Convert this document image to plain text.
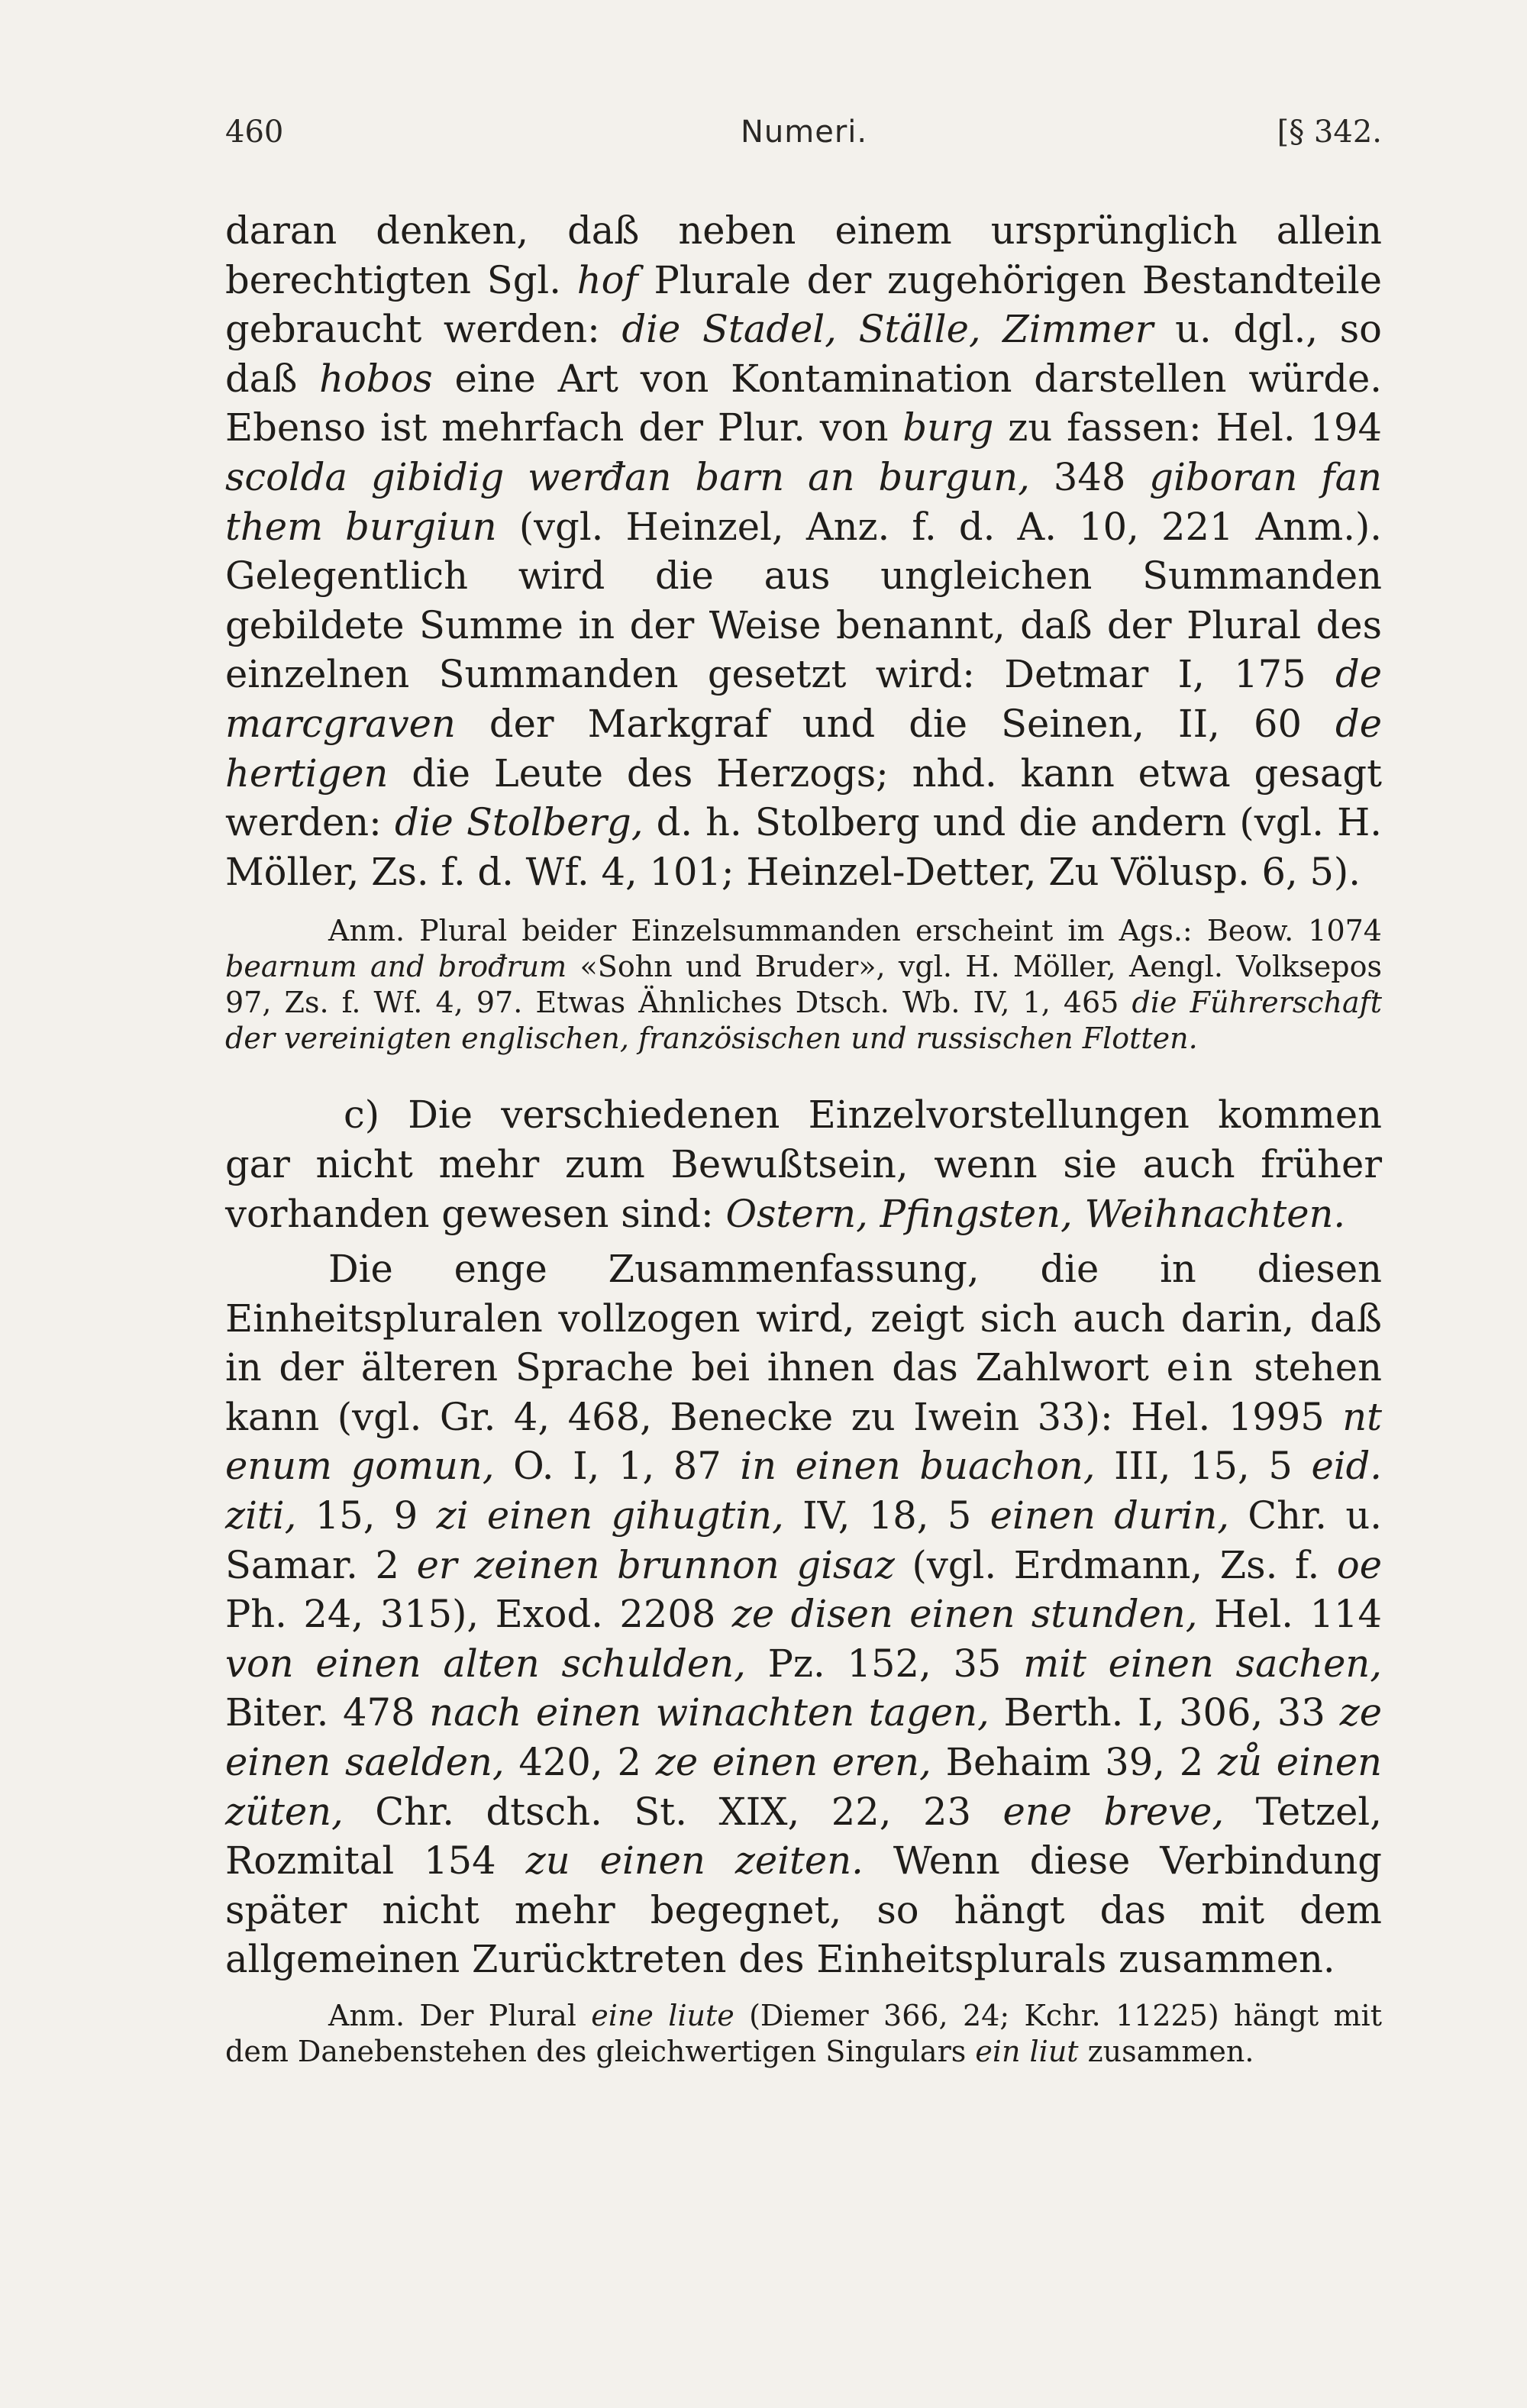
460	Numeri.	[§ 342.

daran denken, daß neben einem ursprünglich allein berechtigten Sgl. hof Plurale der zugehörigen Bestandteile gebraucht werden: die Stadel, Ställe, Zimmer u. dgl., so daß hobos eine Art von Kontamination darstellen würde. Ebenso ist mehrfach der Plur. von burg zu fassen: Hel. 194 scolda gibidig werđan barn an burgun, 348 giboran fan them burgiun (vgl. Heinzel, Anz. f. d. A. 10, 221 Anm.). Gelegentlich wird die aus ungleichen Summanden gebildete Summe in der Weise benannt, daß der Plural des einzelnen Summanden gesetzt wird: Detmar I, 175 de marcgraven der Markgraf und die Seinen, II, 60 de hertigen die Leute des Herzogs; nhd. kann etwa gesagt werden: die Stolberg, d. h. Stolberg und die andern (vgl. H. Möller, Zs. f. d. Wf. 4, 101; Heinzel-Detter, Zu Völusp. 6, 5).

Anm. Plural beider Einzelsummanden erscheint im Ags.: Beow. 1074 bearnum and brođrum «Sohn und Bruder», vgl. H. Möller, Aengl. Volksepos 97, Zs. f. Wf. 4, 97. Etwas Ähnliches Dtsch. Wb. IV, 1, 465 die Führerschaft der vereinigten englischen, französischen und russischen Flotten.

c) Die verschiedenen Einzelvorstellungen kommen gar nicht mehr zum Bewußtsein, wenn sie auch früher vorhanden gewesen sind: Ostern, Pfingsten, Weihnachten.

Die enge Zusammenfassung, die in diesen Einheitspluralen vollzogen wird, zeigt sich auch darin, daß in der älteren Sprache bei ihnen das Zahlwort ein stehen kann (vgl. Gr. 4, 468, Benecke zu Iwein 33): Hel. 1995 nt enum gomun, O. I, 1, 87 in einen buachon, III, 15, 5 eid. ziti, 15, 9 zi einen gihugtin, IV, 18, 5 einen durin, Chr. u. Samar. 2 er zeinen brunnon gisaz (vgl. Erdmann, Zs. f. oe Ph. 24, 315), Exod. 2208 ze disen einen stunden, Hel. 114 von einen alten schulden, Pz. 152, 35 mit einen sachen, Biter. 478 nach einen winachten tagen, Berth. I, 306, 33 ze einen saelden, 420, 2 ze einen eren, Behaim 39, 2 zů einen züten, Chr. dtsch. St. XIX, 22, 23 ene breve, Tetzel, Rozmital 154 zu einen zeiten. Wenn diese Verbindung später nicht mehr begegnet, so hängt das mit dem allgemeinen Zurücktreten des Einheitsplurals zusammen.

Anm. Der Plural eine liute (Diemer 366, 24; Kchr. 11225) hängt mit dem Danebenstehen des gleichwertigen Singulars ein liut zusammen.
